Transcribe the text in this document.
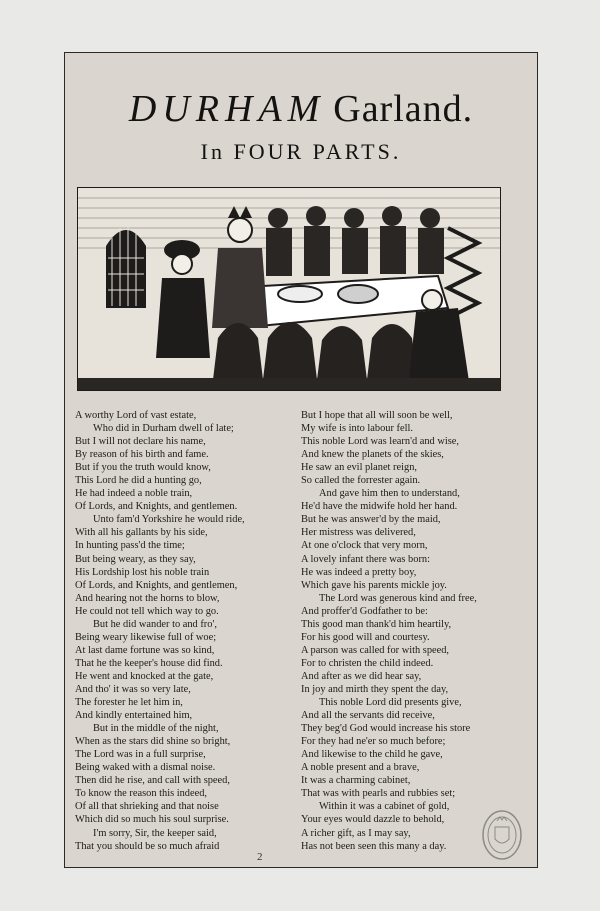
DURHAM Garland.
In FOUR PARTS.
A worthy Lord of vast estate,
Who did in Durham dwell of late;
But I will not declare his name,
By reason of his birth and fame.
But if you the truth would know,
This Lord he did a hunting go,
He had indeed a noble train,
Of Lords, and Knights, and gentlemen.
Unto fam'd Yorkshire he would ride,
With all his gallants by his side,
In hunting pass'd the time;
But being weary, as they say,
His Lordship lost his noble train
Of Lords, and Knights, and gentlemen,
And hearing not the horns to blow,
He could not tell which way to go.
But he did wander to and fro',
Being weary likewise full of woe;
At last dame fortune was so kind,
That he the keeper's house did find.
He went and knocked at the gate,
And tho' it was so very late,
The forester he let him in,
And kindly entertained him,
But in the middle of the night,
When as the stars did shine so bright,
The Lord was in a full surprise,
Being waked with a dismal noise.
Then did he rise, and call with speed,
To know the reason this indeed,
Of all that shrieking and that noise
Which did so much his soul surprise.
I'm sorry, Sir, the keeper said,
That you should be so much afraid
But I hope that all will soon be well,
My wife is into labour fell.
This noble Lord was learn'd and wise,
And knew the planets of the skies,
He saw an evil planet reign,
So called the forrester again.
And gave him then to understand,
He'd have the midwife hold her hand.
But he was answer'd by the maid,
Her mistress was delivered,
At one o'clock that very morn,
A lovely infant there was born:
He was indeed a pretty boy,
Which gave his parents mickle joy.
The Lord was generous kind and free,
And proffer'd Godfather to be:
This good man thank'd him heartily,
For his good will and courtesy.
A parson was called for with speed,
For to christen the child indeed.
And after as we did hear say,
In joy and mirth they spent the day,
This noble Lord did presents give,
And all the servants did receive,
They beg'd God would increase his store
For they had ne'er so much before;
And likewise to the child he gave,
A noble present and a brave,
It was a charming cabinet,
That was with pearls and rubbies set;
Within it was a cabinet of gold,
Your eyes would dazzle to behold,
A richer gift, as I may say,
Has not been seen this many a day.
2
